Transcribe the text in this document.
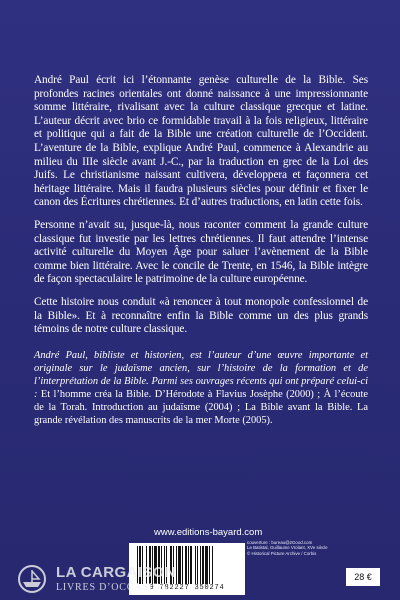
André Paul écrit ici l’étonnante genèse culturelle de la Bible. Ses profondes racines orientales ont donné naissance à une impressionnante somme littéraire, rivalisant avec la culture classique grecque et latine. L’auteur décrit avec brio ce formidable travail à la fois religieux, littéraire et politique qui a fait de la Bible une création culturelle de l’Occident. L’aventure de la Bible, explique André Paul, commence à Alexandrie au milieu du IIIe siècle avant J.-C., par la traduction en grec de la Loi des Juifs. Le christianisme naissant cultivera, développera et façonnera cet héritage littéraire. Mais il faudra plusieurs siècles pour définir et fixer le canon des Écritures chrétiennes. Et d’autres traductions, en latin cette fois.

Personne n’avait su, jusque-là, nous raconter comment la grande culture classique fut investie par les lettres chrétiennes. Il faut attendre l’intense activité culturelle du Moyen Âge pour saluer l’avènement de la Bible comme bien littéraire. Avec le concile de Trente, en 1546, la Bible intègre de façon spectaculaire le patrimoine de la culture européenne.

Cette histoire nous conduit «à renoncer à tout monopole confessionnel de la Bible». Et à reconnaître enfin la Bible comme un des plus grands témoins de notre culture classique.

André Paul, bibliste et historien, est l’auteur d’une œuvre importante et originale sur le judaïsme ancien, sur l’histoire de la formation et de l’interprétation de la Bible. Parmi ses ouvrages récents qui ont préparé celui-ci : Et l’homme créa la Bible. D’Hérodote à Flavius Josèphe (2000) ; À l’écoute de la Torah. Introduction au judaïsme (2004) ; La Bible avant la Bible. La grande révélation des manuscrits de la mer Morte (2005).
www.editions-bayard.com
couverture : bureau@2Good.com
Le Batistal, Guillaume Vrolant, XVe siècle
© Historical Picture Archive / Corbis
9 782227 350274
28 €
LA CARGAISON
LIVRES D’OCCASION
